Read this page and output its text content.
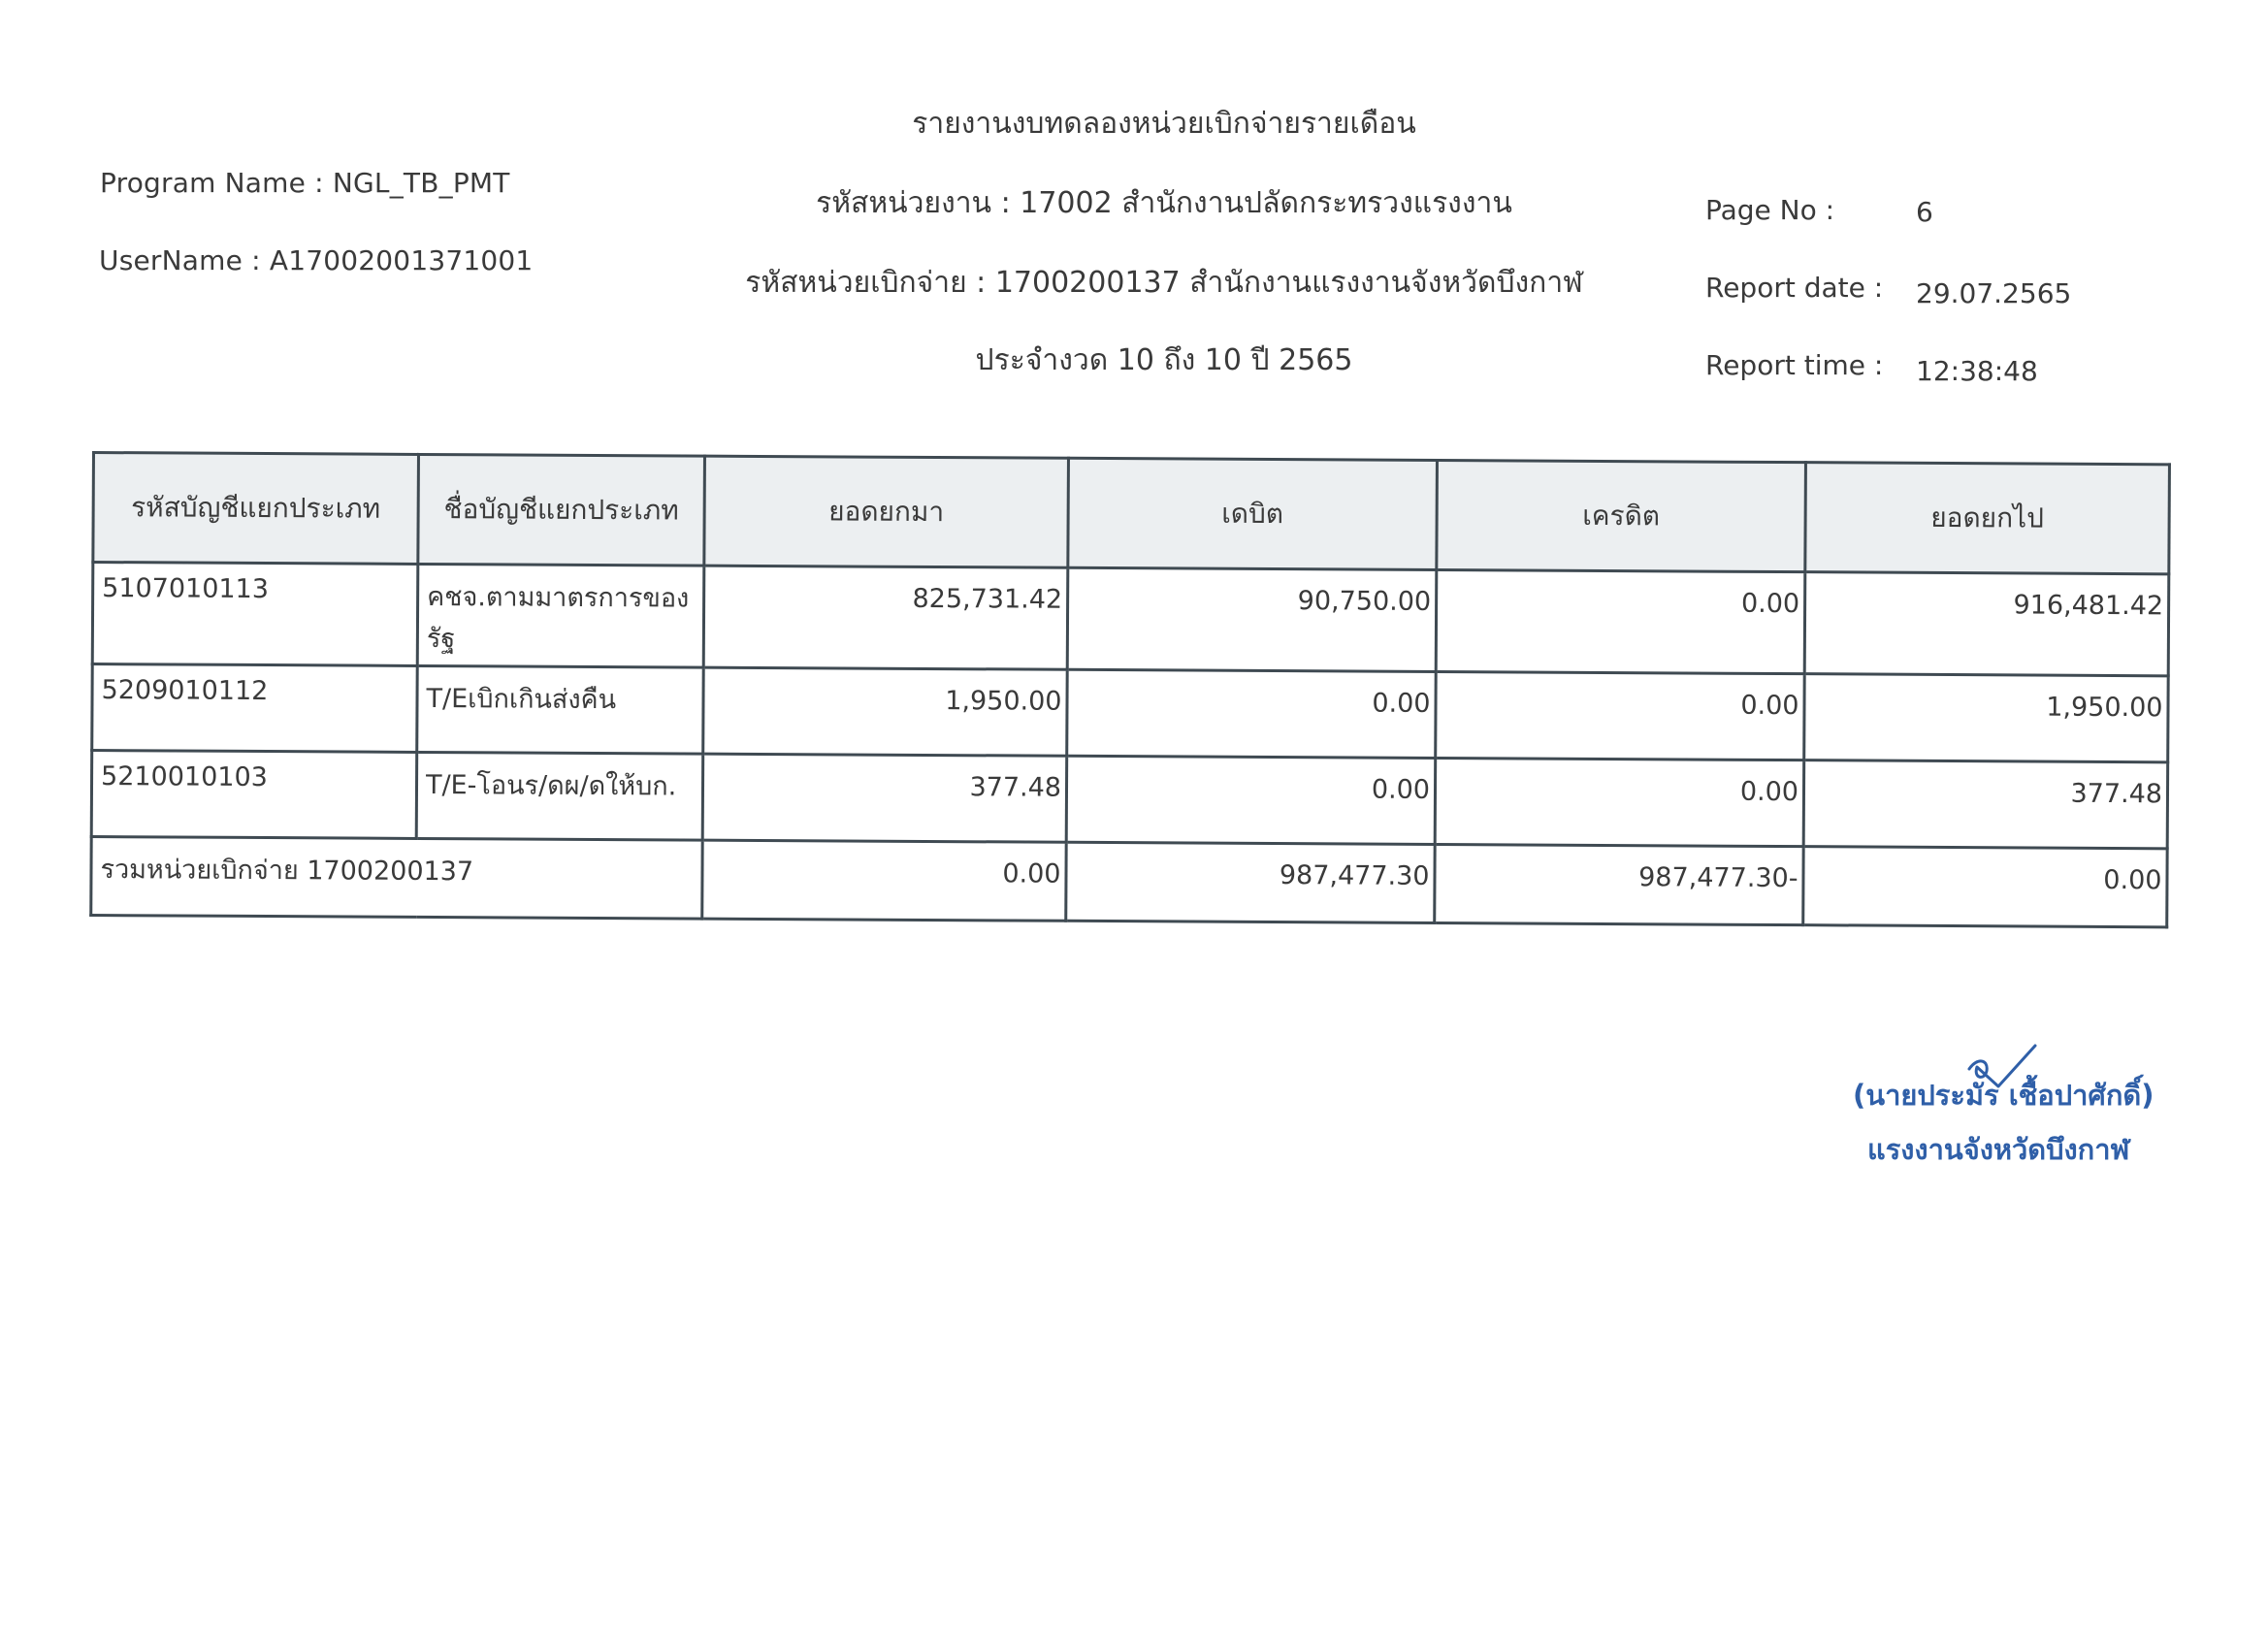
Program Name : NGL_TB_PMT
UserName : A17002001371001
รายงานงบทดลองหน่วยเบิกจ่ายรายเดือน
รหัสหน่วยงาน : 17002 สำนักงานปลัดกระทรวงแรงงาน
รหัสหน่วยเบิกจ่าย : 1700200137 สำนักงานแรงงานจังหวัดบึงกาฬ
ประจำงวด 10 ถึง 10 ปี 2565
Page No :	6
Report date : 29.07.2565
Report time : 12:38:48
รหัสบัญชีแยกประเภท	ชื่อบัญชีแยกประเภท	ยอดยกมา	เดบิต	เครดิต	ยอดยกไป
5107010113	คชจ.ตามมาตรการของรัฐ	825,731.42	90,750.00	0.00	916,481.42
5209010112	T/Eเบิกเกินส่งคืน	1,950.00	0.00	0.00	1,950.00
5210010103	T/E-โอนร/ดผ/ดให้บก.	377.48	0.00	0.00	377.48
รวมหน่วยเบิกจ่าย 1700200137		0.00	987,477.30	987,477.30-	0.00
(นายประมัร เชื้อปาศักดิ์)
แรงงานจังหวัดบึงกาฬ
